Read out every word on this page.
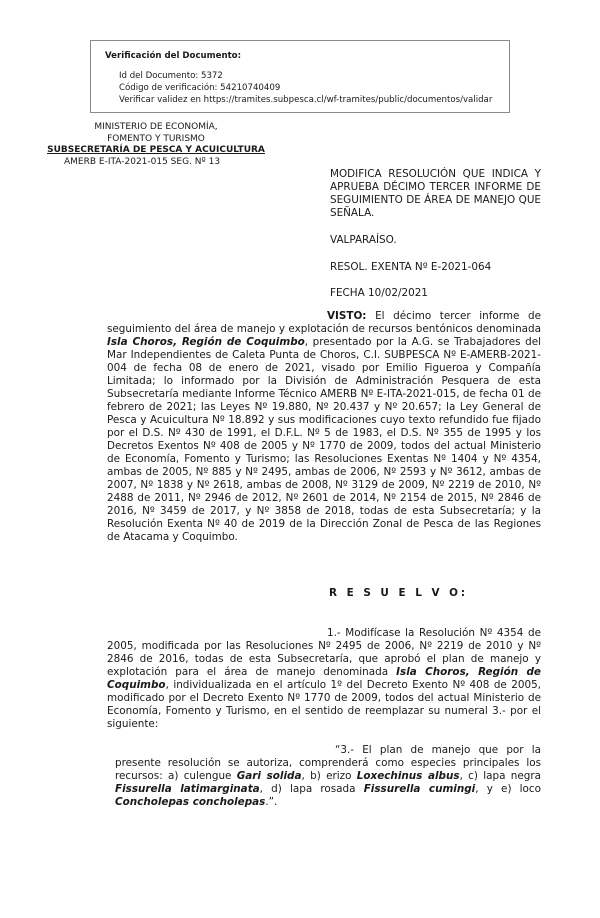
Verificación del Documento:
• Id del Documento: 5372
• Código de verificación: 54210740409
• Verificar validez en https://tramites.subpesca.cl/wf-tramites/public/documentos/validar
MINISTERIO DE ECONOMÍA,
FOMENTO Y TURISMO
SUBSECRETARÍA DE PESCA Y ACUICULTURA
AMERB E-ITA-2021-015 SEG. Nº 13
MODIFICA RESOLUCIÓN QUE INDICA Y APRUEBA DÉCIMO TERCER INFORME DE SEGUIMIENTO DE ÁREA DE MANEJO QUE SEÑALA.
VALPARAÍSO.
RESOL. EXENTA Nº E-2021-064
FECHA 10/02/2021
VISTO: El décimo tercer informe de seguimiento del área de manejo y explotación de recursos bentónicos denominada Isla Choros, Región de Coquimbo, presentado por la A.G. se Trabajadores del Mar Independientes de Caleta Punta de Choros, C.I. SUBPESCA Nº E-AMERB-2021-004 de fecha 08 de enero de 2021, visado por Emilio Figueroa y Compañía Limitada; lo informado por la División de Administración Pesquera de esta Subsecretaría mediante Informe Técnico AMERB Nº E-ITA-2021-015, de fecha 01 de febrero de 2021; las Leyes Nº 19.880, Nº 20.437 y Nº 20.657; la Ley General de Pesca y Acuicultura Nº 18.892 y sus modificaciones cuyo texto refundido fue fijado por el D.S. Nº 430 de 1991, el D.F.L. Nº 5 de 1983, el D.S. Nº 355 de 1995 y los Decretos Exentos Nº 408 de 2005 y Nº 1770 de 2009, todos del actual Ministerio de Economía, Fomento y Turismo; las Resoluciones Exentas Nº 1404 y Nº 4354, ambas de 2005, Nº 885 y Nº 2495, ambas de 2006, Nº 2593 y Nº 3612, ambas de 2007, Nº 1838 y Nº 2618, ambas de 2008, Nº 3129 de 2009, Nº 2219 de 2010, Nº 2488 de 2011, Nº 2946 de 2012, Nº 2601 de 2014, Nº 2154 de 2015, Nº 2846 de 2016, Nº 3459 de 2017, y Nº 3858 de 2018, todas de esta Subsecretaría; y la Resolución Exenta Nº 40 de 2019 de la Dirección Zonal de Pesca de las Regiones de Atacama y Coquimbo.
R E S U E L V O:
1.- Modifícase la Resolución Nº 4354 de 2005, modificada por las Resoluciones Nº 2495 de 2006, Nº 2219 de 2010 y Nº 2846 de 2016, todas de esta Subsecretaría, que aprobó el plan de manejo y explotación para el área de manejo denominada Isla Choros, Región de Coquimbo, individualizada en el artículo 1º del Decreto Exento Nº 408 de 2005, modificado por el Decreto Exento Nº 1770 de 2009, todos del actual Ministerio de Economía, Fomento y Turismo, en el sentido de reemplazar su numeral 3.- por el siguiente:
“3.- El plan de manejo que por la presente resolución se autoriza, comprenderá como especies principales los recursos: a) culengue Gari solida, b) erizo Loxechinus albus, c) lapa negra Fissurella latimarginata, d) lapa rosada Fissurella cumingi, y e) loco Concholepas concholepas.”.
